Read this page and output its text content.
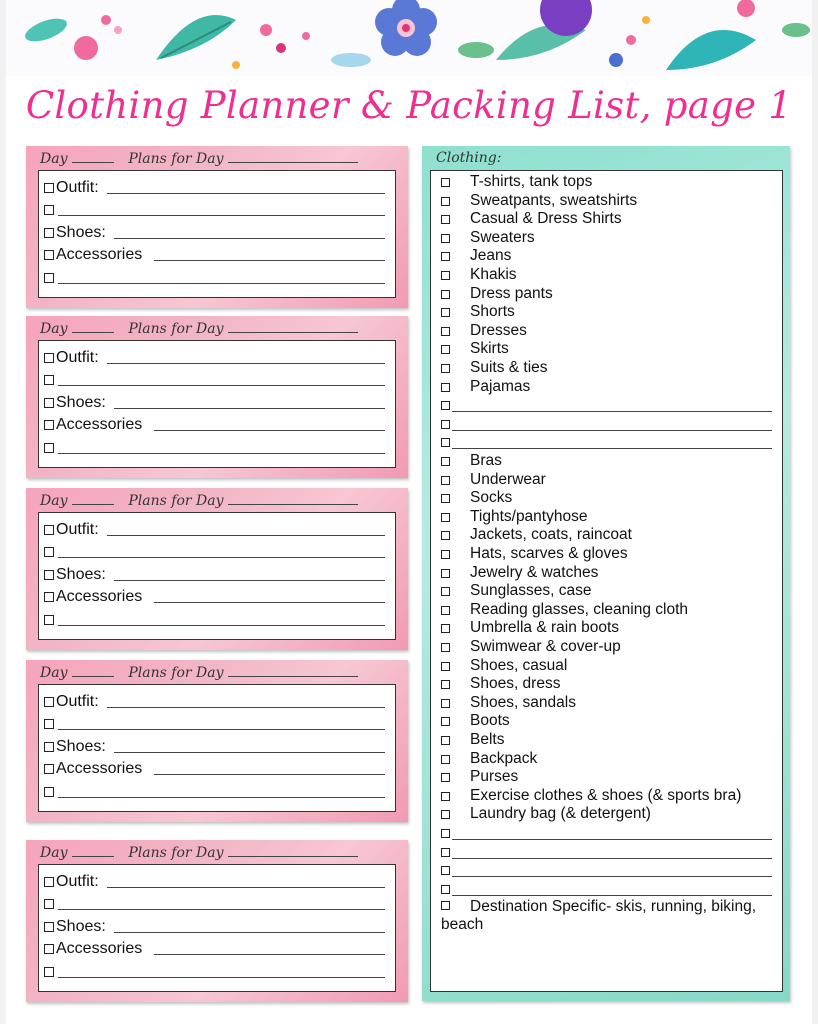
Clothing Planner & Packing List, page 1
Day	Plans for Day
Outfit:
Shoes:
Accessories
Day	Plans for Day
Outfit:
Shoes:
Accessories
Day	Plans for Day
Outfit:
Shoes:
Accessories
Day	Plans for Day
Outfit:
Shoes:
Accessories
Day	Plans for Day
Outfit:
Shoes:
Accessories
Clothing:
T-shirts, tank tops
Sweatpants, sweatshirts
Casual & Dress Shirts
Sweaters
Jeans
Khakis
Dress pants
Shorts
Dresses
Skirts
Suits & ties
Pajamas
Bras
Underwear
Socks
Tights/pantyhose
Jackets, coats, raincoat
Hats, scarves & gloves
Jewelry & watches
Sunglasses, case
Reading glasses, cleaning cloth
Umbrella & rain boots
Swimwear & cover-up
Shoes, casual
Shoes, dress
Shoes, sandals
Boots
Belts
Backpack
Purses
Exercise clothes & shoes (& sports bra)
Laundry bag (& detergent)
Destination Specific- skis, running, biking, beach
